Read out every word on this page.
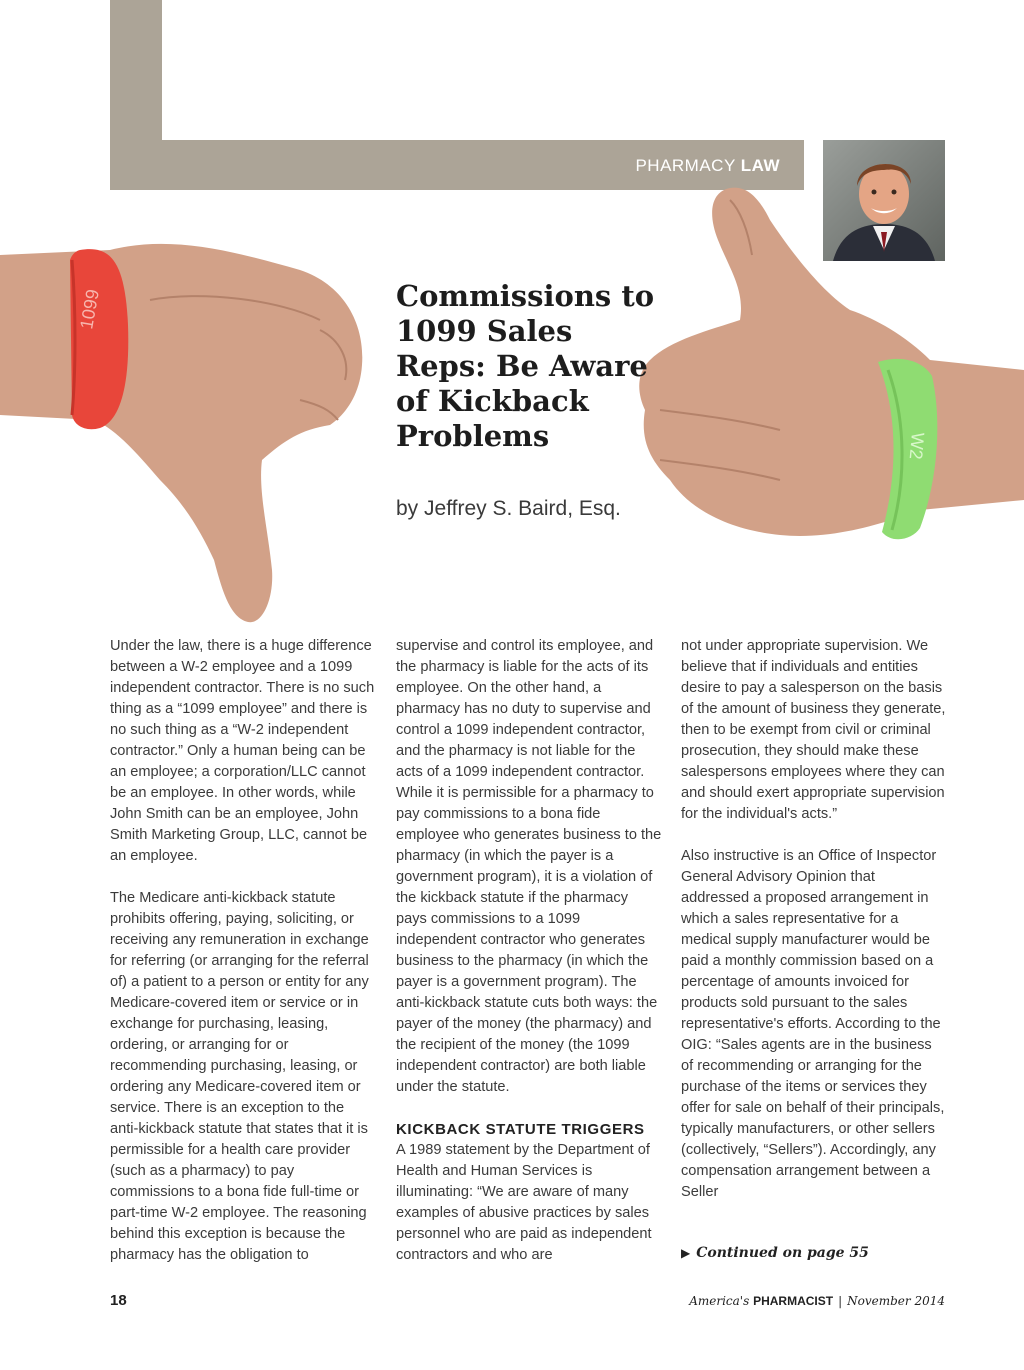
PHARMACY LAW
1099
W2
Commissions to 1099 Sales Reps: Be Aware of Kickback Problems
by Jeffrey S. Baird, Esq.

Under the law, there is a huge difference between a W-2 employee and a 1099 independent contractor. There is no such thing as a “1099 employee” and there is no such thing as a “W-2 independent contractor.” Only a human being can be an employee; a corporation/LLC cannot be an employee. In other words, while John Smith can be an employee, John Smith Marketing Group, LLC, cannot be an employee.

The Medicare anti-kickback statute prohibits offering, paying, soliciting, or receiving any remuneration in exchange for referring (or arranging for the referral of) a patient to a person or entity for any Medicare-covered item or service or in exchange for purchasing, leasing, ordering, or arranging for or recommending purchasing, leasing, or ordering any Medicare-covered item or service. There is an exception to the anti-kickback statute that states that it is permissible for a health care provider (such as a pharmacy) to pay commissions to a bona fide full-time or part-time W-2 employee. The reasoning behind this exception is because the pharmacy has the obligation to

supervise and control its employee, and the pharmacy is liable for the acts of its employee. On the other hand, a pharmacy has no duty to supervise and control a 1099 independent contractor, and the pharmacy is not liable for the acts of a 1099 independent contractor. While it is permissible for a pharmacy to pay commissions to a bona fide employee who generates business to the pharmacy (in which the payer is a government program), it is a violation of the kickback statute if the pharmacy pays commissions to a 1099 independent contractor who generates business to the pharmacy (in which the payer is a government program). The anti-kickback statute cuts both ways: the payer of the money (the pharmacy) and the recipient of the money (the 1099 independent contractor) are both liable under the statute.

KICKBACK STATUTE TRIGGERS

A 1989 statement by the Department of Health and Human Services is illuminating: “We are aware of many examples of abusive practices by sales personnel who are paid as independent contractors and who are

not under appropriate supervision. We believe that if individuals and entities desire to pay a salesperson on the basis of the amount of business they generate, then to be exempt from civil or criminal prosecution, they should make these salespersons employees where they can and should exert appropriate supervision for the individual's acts.”

Also instructive is an Office of Inspector General Advisory Opinion that addressed a proposed arrangement in which a sales representative for a medical supply manufacturer would be paid a monthly commission based on a percentage of amounts invoiced for products sold pursuant to the sales representative's efforts. According to the OIG: “Sales agents are in the business of recommending or arranging for the purchase of the items or services they offer for sale on behalf of their principals, typically manufacturers, or other sellers (collectively, “Sellers”). Accordingly, any compensation arrangement between a Seller

▶ Continued on page 55
18	America's PHARMACIST | November 2014
